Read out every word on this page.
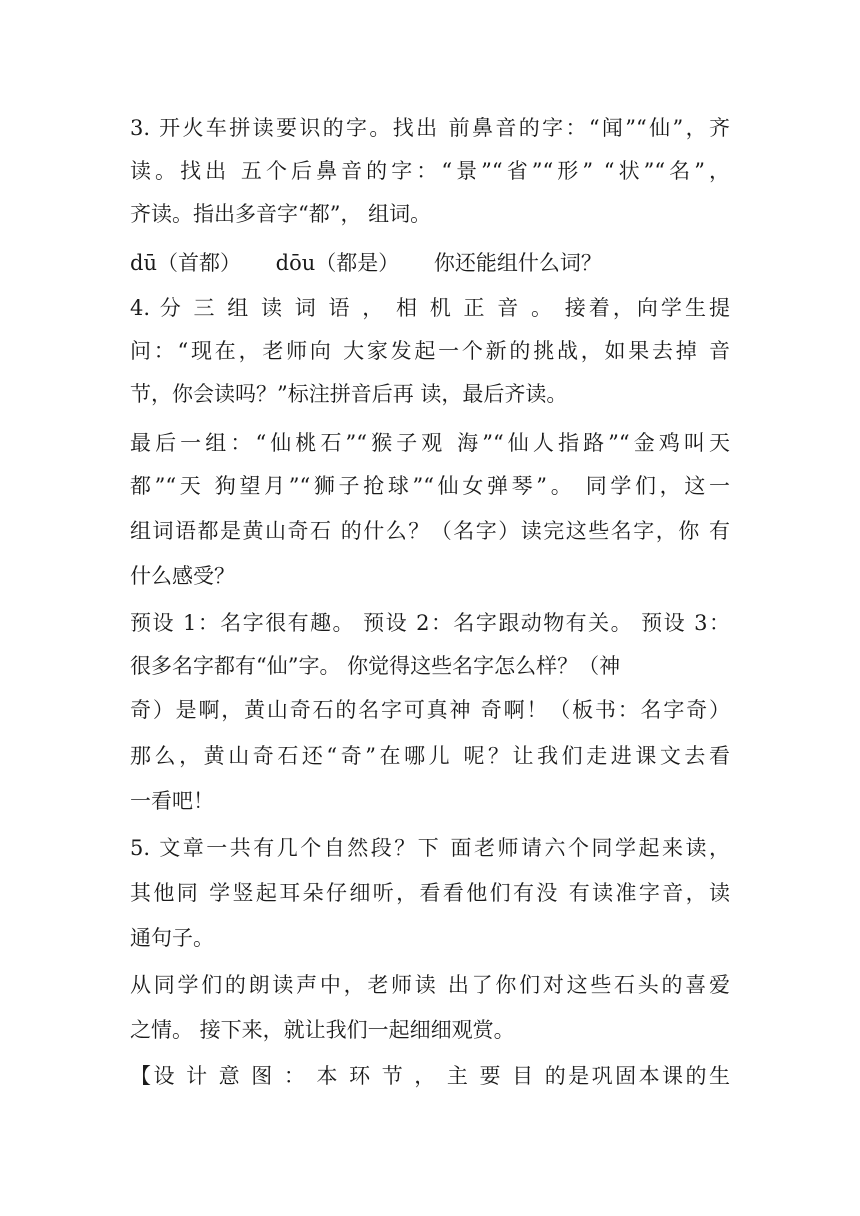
3. 开火车拼读要识的字。找出 前鼻音的字：“闻”“仙”，齐
读。找出 五个后鼻音的字：“景”“省”“形” “状”“名”，
齐读。指出多音字“都”， 组词。
dū（首都） dōu（都是） 你还能组什么词？
4. 分 三 组 读 词 语 ， 相 机 正 音 。 接着，向学生提
问：“现在，老师向 大家发起一个新的挑战，如果去掉 音
节，你会读吗？”标注拼音后再 读，最后齐读。
最后一组：“仙桃石”“猴子观 海”“仙人指路”“金鸡叫天
都”“天 狗望月”“狮子抢球”“仙女弹琴”。 同学们，这一
组词语都是黄山奇石 的什么？（名字）读完这些名字，你 有
什么感受？
预设 1：名字很有趣。 预设 2：名字跟动物有关。 预设 3：
很多名字都有“仙”字。 你觉得这些名字怎么样？（神
奇）是啊，黄山奇石的名字可真神 奇啊！（板书：名字奇）
那么，黄山奇石还“奇”在哪儿 呢？让我们走进课文去看
一看吧！
5. 文章一共有几个自然段？下 面老师请六个同学起来读，
其他同 学竖起耳朵仔细听，看看他们有没 有读准字音，读
通句子。
从同学们的朗读声中，老师读 出了你们对这些石头的喜爱
之情。 接下来，就让我们一起细细观赏。
【设 计 意 图 ： 本 环 节 ， 主 要 目 的是巩固本课的生
